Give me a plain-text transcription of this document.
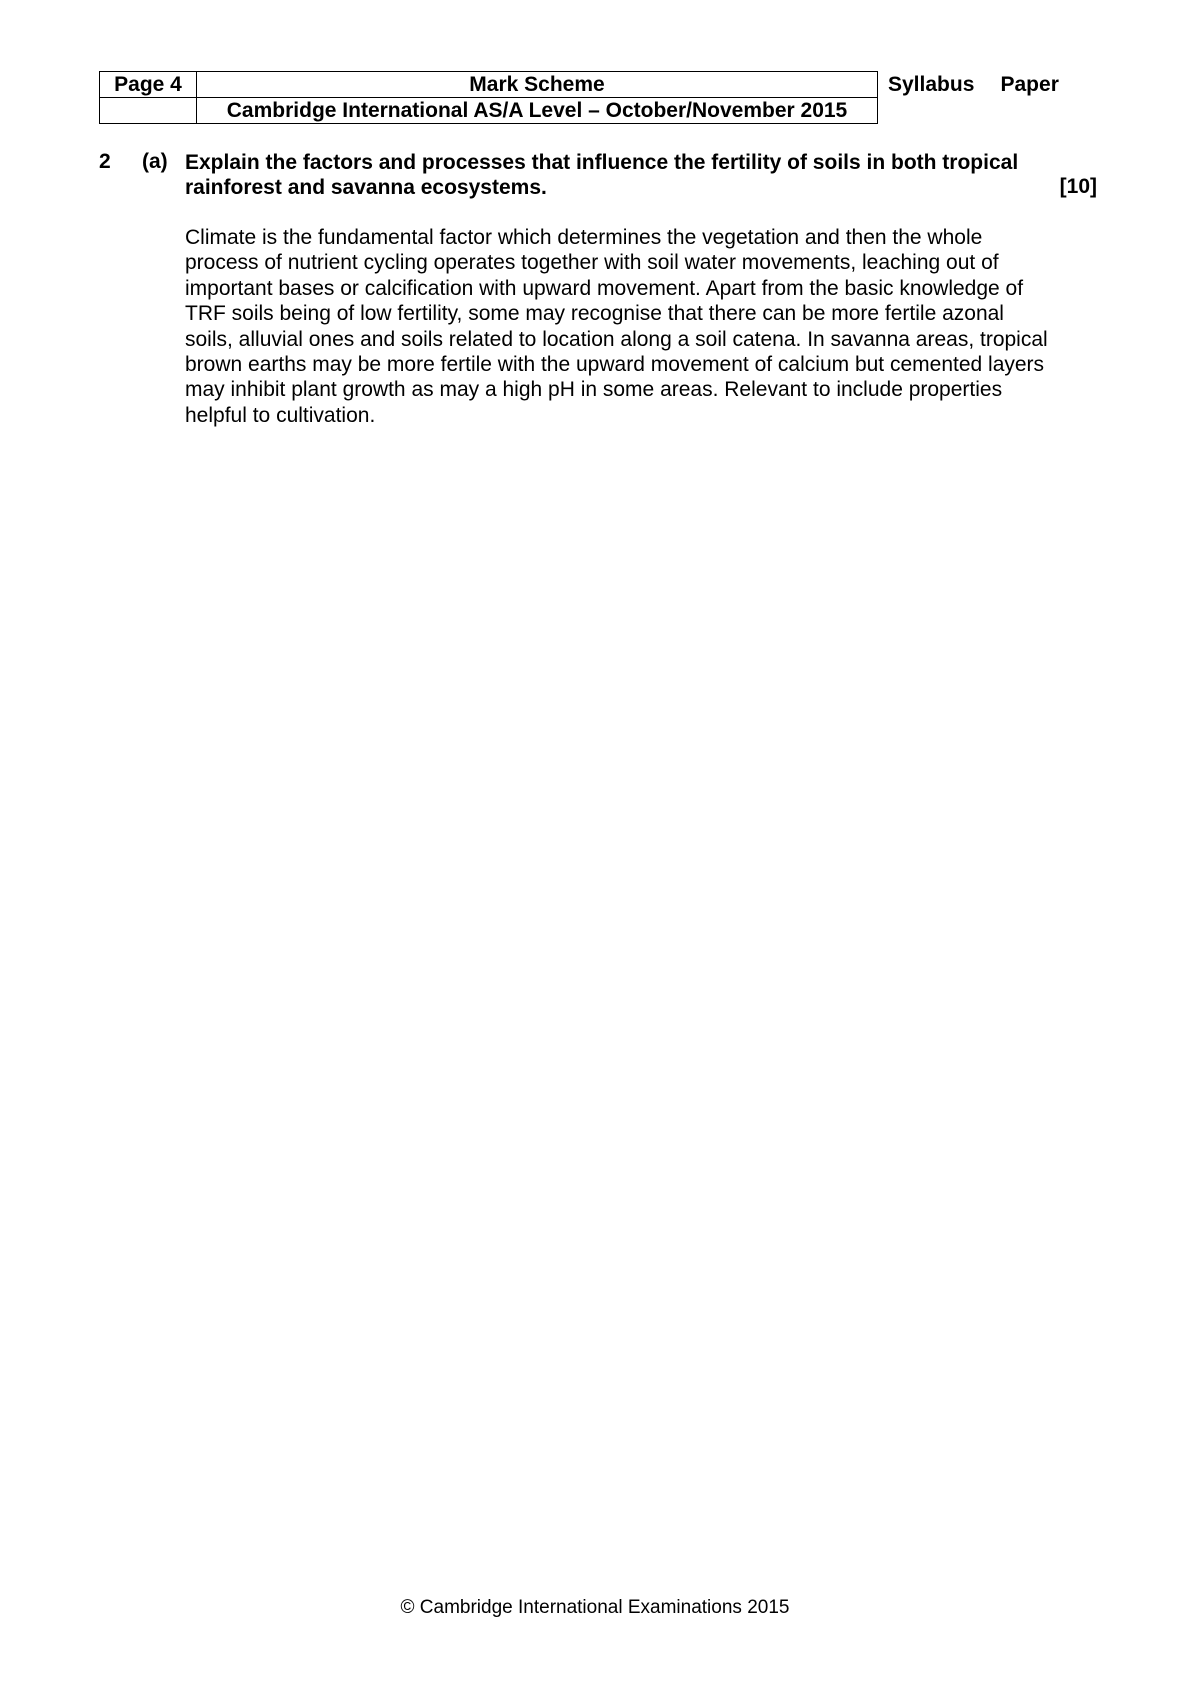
Page 4	Mark Scheme	Syllabus	Paper
	Cambridge International AS/A Level – October/November 2015		
2 (a) Explain the factors and processes that influence the fertility of soils in both tropical rainforest and savanna ecosystems.	[10]
Climate is the fundamental factor which determines the vegetation and then the whole
process of nutrient cycling operates together with soil water movements, leaching out of
important bases or calcification with upward movement. Apart from the basic knowledge of
TRF soils being of low fertility, some may recognise that there can be more fertile azonal
soils, alluvial ones and soils related to location along a soil catena. In savanna areas, tropical
brown earths may be more fertile with the upward movement of calcium but cemented layers
may inhibit plant growth as may a high pH in some areas. Relevant to include properties
helpful to cultivation.
© Cambridge International Examinations 2015
